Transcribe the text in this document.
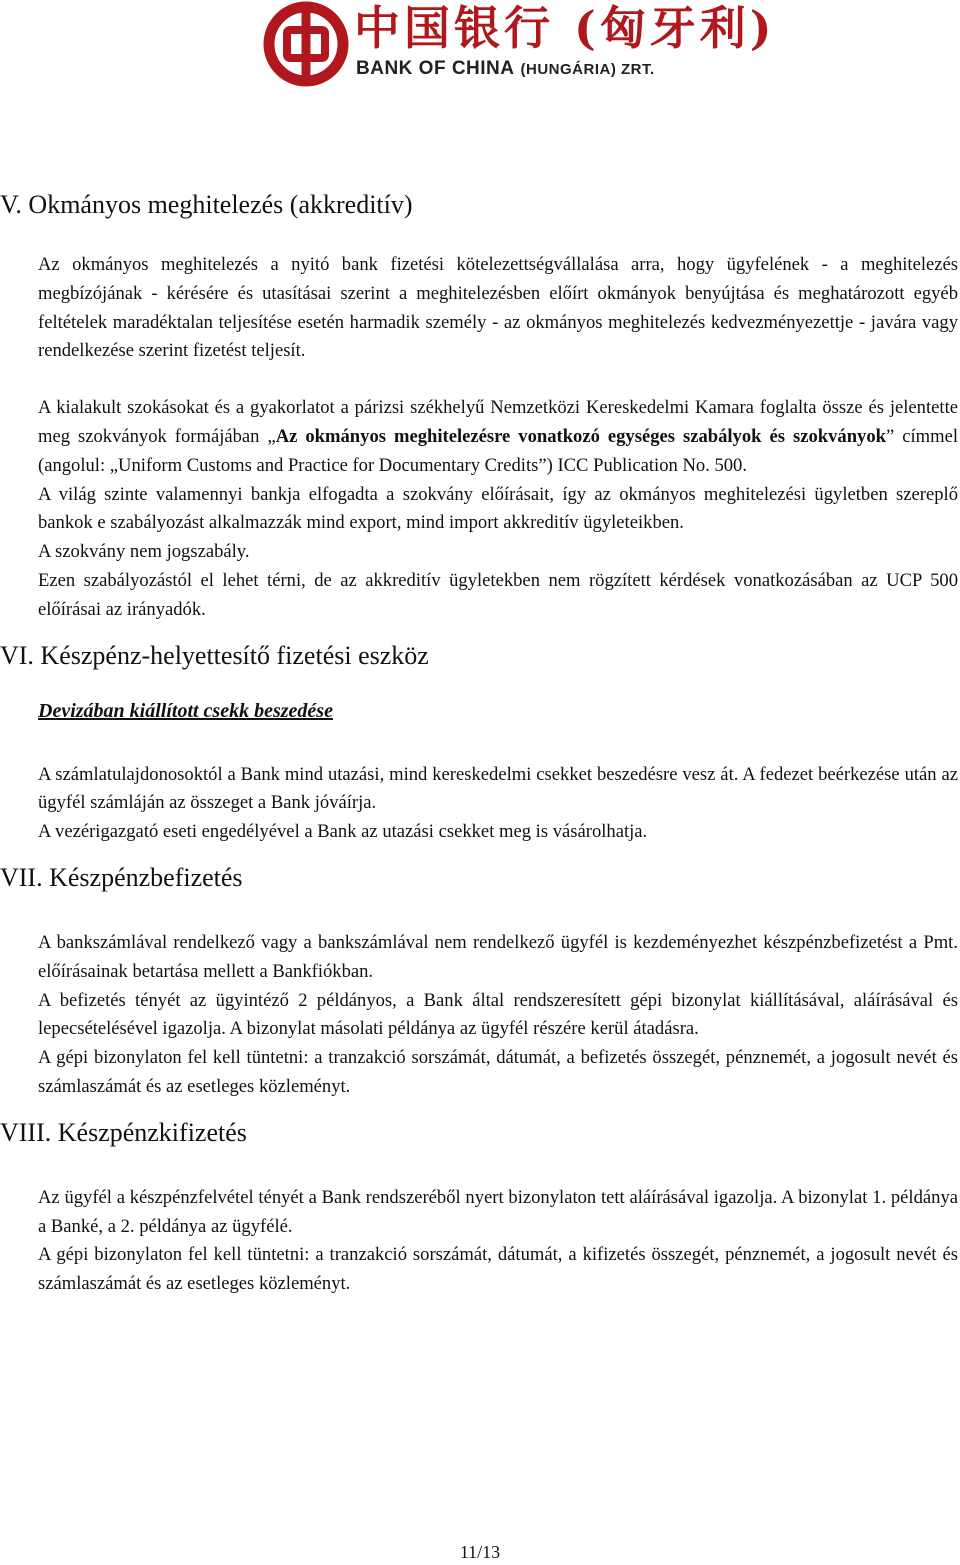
中国银行 (匈牙利)
BANK OF CHINA (HUNGÁRIA) ZRT.
V. Okmányos meghitelezés (akkreditív)

Az okmányos meghitelezés a nyitó bank fizetési kötelezettségvállalása arra, hogy ügyfelének - a meghitelezés megbízójának - kérésére és utasításai szerint a meghitelezésben előírt okmányok benyújtása és meghatározott egyéb feltételek maradéktalan teljesítése esetén harmadik személy - az okmányos meghitelezés kedvezményezettje - javára vagy rendelkezése szerint fizetést teljesít.

A kialakult szokásokat és a gyakorlatot a párizsi székhelyű Nemzetközi Kereskedelmi Kamara foglalta össze és jelentette meg szokványok formájában „Az okmányos meghitelezésre vonatkozó egységes szabályok és szokványok” címmel (angolul: „Uniform Customs and Practice for Documentary Credits”) ICC Publication No. 500.

A világ szinte valamennyi bankja elfogadta a szokvány előírásait, így az okmányos meghitelezési ügyletben szereplő bankok e szabályozást alkalmazzák mind export, mind import akkreditív ügyleteikben.

A szokvány nem jogszabály.

Ezen szabályozástól el lehet térni, de az akkreditív ügyletekben nem rögzített kérdések vonatkozásában az UCP 500 előírásai az irányadók.

VI. Készpénz-helyettesítő fizetési eszköz
Devizában kiállított csekk beszedése

A számlatulajdonosoktól a Bank mind utazási, mind kereskedelmi csekket beszedésre vesz át. A fedezet beérkezése után az ügyfél számláján az összeget a Bank jóváírja.

A vezérigazgató eseti engedélyével a Bank az utazási csekket meg is vásárolhatja.

VII. Készpénzbefizetés

A bankszámlával rendelkező vagy a bankszámlával nem rendelkező ügyfél is kezdeményezhet készpénzbefizetést a Pmt. előírásainak betartása mellett a Bankfiókban.

A befizetés tényét az ügyintéző 2 példányos, a Bank által rendszeresített gépi bizonylat kiállításával, aláírásával és lepecsételésével igazolja. A bizonylat másolati példánya az ügyfél részére kerül átadásra.

A gépi bizonylaton fel kell tüntetni: a tranzakció sorszámát, dátumát, a befizetés összegét, pénznemét, a jogosult nevét és számlaszámát és az esetleges közleményt.

VIII. Készpénzkifizetés

Az ügyfél a készpénzfelvétel tényét a Bank rendszeréből nyert bizonylaton tett aláírásával igazolja. A bizonylat 1. példánya a Banké, a 2. példánya az ügyfélé.

A gépi bizonylaton fel kell tüntetni: a tranzakció sorszámát, dátumát, a kifizetés összegét, pénznemét, a jogosult nevét és számlaszámát és az esetleges közleményt.

11/13
